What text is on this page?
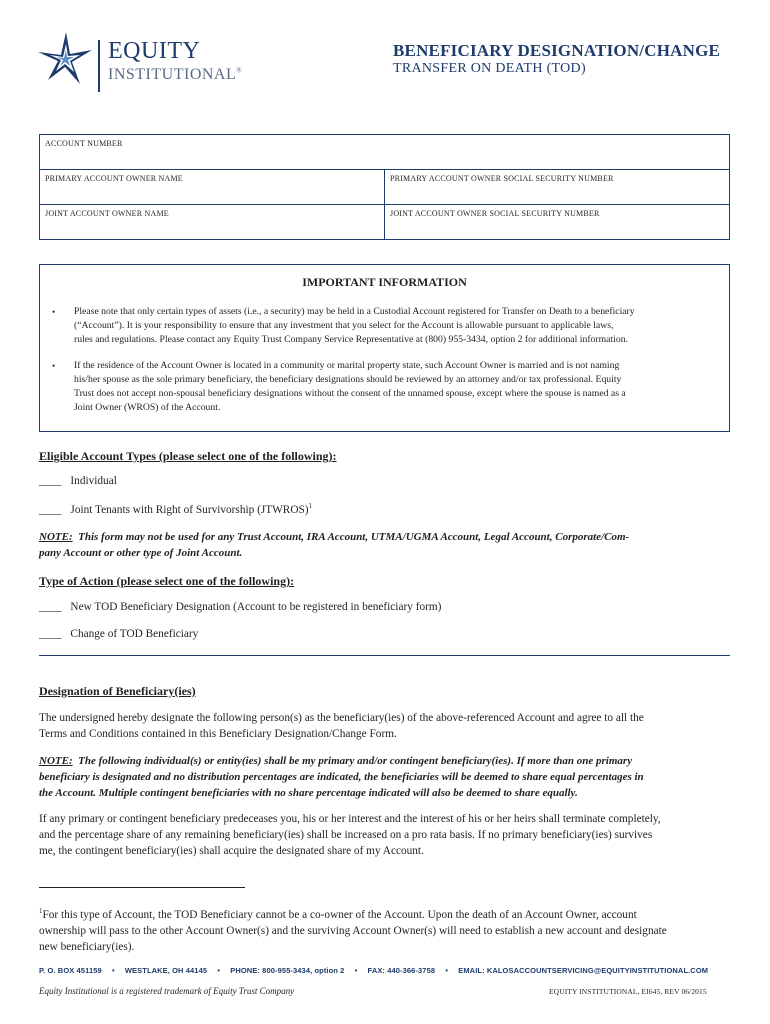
EQUITY
INSTITUTIONAL®
BENEFICIARY DESIGNATION/CHANGE
TRANSFER ON DEATH (TOD)
ACCOUNT NUMBER
PRIMARY ACCOUNT OWNER NAME	PRIMARY ACCOUNT OWNER SOCIAL SECURITY NUMBER
JOINT ACCOUNT OWNER NAME	JOINT ACCOUNT OWNER SOCIAL SECURITY NUMBER
IMPORTANT INFORMATION
• Please note that only certain types of assets (i.e., a security) may be held in a Custodial Account registered for Transfer on Death to a beneficiary
(“Account”). It is your responsibility to ensure that any investment that you select for the Account is allowable pursuant to applicable laws,
rules and regulations. Please contact any Equity Trust Company Service Representative at (800) 955-3434, option 2 for additional information.
• If the residence of the Account Owner is located in a community or marital property state, such Account Owner is married and is not naming
his/her spouse as the sole primary beneficiary, the beneficiary designations should be reviewed by an attorney and/or tax professional. Equity
Trust does not accept non-spousal beneficiary designations without the consent of the unnamed spouse, except where the spouse is named as a
Joint Owner (WROS) of the Account.
Eligible Account Types (please select one of the following):
____ Individual
____ Joint Tenants with Right of Survivorship (JTWROS)$^1$
NOTE: This form may not be used for any Trust Account, IRA Account, UTMA/UGMA Account, Legal Account, Corporate/Com-
pany Account or other type of Joint Account.
Type of Action (please select one of the following):
____ New TOD Beneficiary Designation (Account to be registered in beneficiary form)
____ Change of TOD Beneficiary
Designation of Beneficiary(ies)
The undersigned hereby designate the following person(s) as the beneficiary(ies) of the above-referenced Account and agree to all the
Terms and Conditions contained in this Beneficiary Designation/Change Form.
NOTE: The following individual(s) or entity(ies) shall be my primary and/or contingent beneficiary(ies). If more than one primary
beneficiary is designated and no distribution percentages are indicated, the beneficiaries will be deemed to share equal percentages in
the Account. Multiple contingent beneficiaries with no share percentage indicated will also be deemed to share equally.
If any primary or contingent beneficiary predeceases you, his or her interest and the interest of his or her heirs shall terminate completely,
and the percentage share of any remaining beneficiary(ies) shall be increased on a pro rata basis. If no primary beneficiary(ies) survives
me, the contingent beneficiary(ies) shall acquire the designated share of my Account.
$^1$For this type of Account, the TOD Beneficiary cannot be a co-owner of the Account. Upon the death of an Account Owner, account
ownership will pass to the other Account Owner(s) and the surviving Account Owner(s) will need to establish a new account and designate
new beneficiary(ies).
P. O. BOX 451159 • WESTLAKE, OH 44145 • PHONE: 800-955-3434, option 2 • FAX: 440-366-3758 • EMAIL: KALOSACCOUNTSERVICING@EQUITYINSTITUTIONAL.COM
Equity Institutional is a registered trademark of Equity Trust Company	EQUITY INSTITUTIONAL, EI645, REV 06/2015
